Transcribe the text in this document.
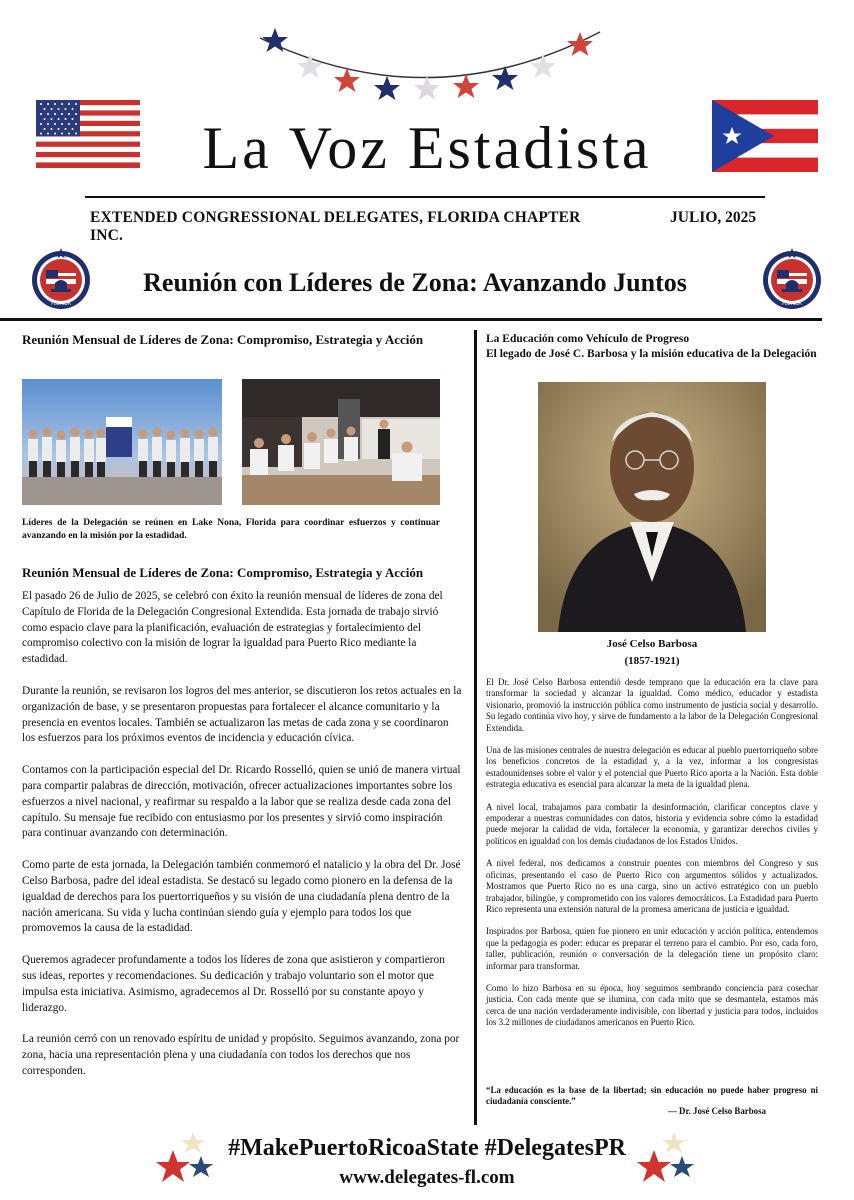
La Voz Estadista
EXTENDED CONGRESSIONAL DELEGATES, FLORIDA CHAPTER INC.
JULIO, 2025
FLORIDA	FLORIDA
Reunión con Líderes de Zona: Avanzando Juntos
Reunión Mensual de Líderes de Zona: Compromiso, Estrategia y Acción
Líderes de la Delegación se reúnen en Lake Nona, Florida para coordinar esfuerzos y continuar avanzando en la misión por la estadidad.
Reunión Mensual de Líderes de Zona: Compromiso, Estrategia y Acción

El pasado 26 de Julio de 2025, se celebró con éxito la reunión mensual de líderes de zona del Capítulo de Florida de la Delegación Congresional Extendida. Esta jornada de trabajo sirvió como espacio clave para la planificación, evaluación de estrategias y fortalecimiento del compromiso colectivo con la misión de lograr la igualdad para Puerto Rico mediante la estadidad.

Durante la reunión, se revisaron los logros del mes anterior, se discutieron los retos actuales en la organización de base, y se presentaron propuestas para fortalecer el alcance comunitario y la presencia en eventos locales. También se actualizaron las metas de cada zona y se coordinaron los esfuerzos para los próximos eventos de incidencia y educación cívica.

Contamos con la participación especial del Dr. Ricardo Rosselló, quien se unió de manera virtual para compartir palabras de dirección, motivación, ofrecer actualizaciones importantes sobre los esfuerzos a nivel nacional, y reafirmar su respaldo a la labor que se realiza desde cada zona del capítulo. Su mensaje fue recibido con entusiasmo por los presentes y sirvió como inspiración para continuar avanzando con determinación.

Como parte de esta jornada, la Delegación también conmemoró el natalicio y la obra del Dr. José Celso Barbosa, padre del ideal estadista. Se destacó su legado como pionero en la defensa de la igualdad de derechos para los puertorriqueños y su visión de una ciudadanía plena dentro de la nación americana. Su vida y lucha continúan siendo guía y ejemplo para todos los que promovemos la causa de la estadidad.

Queremos agradecer profundamente a todos los líderes de zona que asistieron y compartieron sus ideas, reportes y recomendaciones. Su dedicación y trabajo voluntario son el motor que impulsa esta iniciativa. Asimismo, agradecemos al Dr. Rosselló por su constante apoyo y liderazgo.

La reunión cerró con un renovado espíritu de unidad y propósito. Seguimos avanzando, zona por zona, hacia una representación plena y una ciudadanía con todos los derechos que nos corresponden.

La Educación como Vehículo de Progreso
El legado de José C. Barbosa y la misión educativa de la Delegación
José Celso Barbosa
(1857-1921)

El Dr. José Celso Barbosa entendió desde temprano que la educación era la clave para transformar la sociedad y alcanzar la igualdad. Como médico, educador y estadista visionario, promovió la instrucción pública como instrumento de justicia social y desarrollo. Su legado continúa vivo hoy, y sirve de fundamento a la labor de la Delegación Congresional Extendida.

Una de las misiones centrales de nuestra delegación es educar al pueblo puertorriqueño sobre los beneficios concretos de la estadidad y, a la vez, informar a los congresistas estadounidenses sobre el valor y el potencial que Puerto Rico aporta a la Nación. Esta doble estrategia educativa es esencial para alcanzar la meta de la igualdad plena.

A nivel local, trabajamos para combatir la desinformación, clarificar conceptos clave y empoderar a nuestras comunidades con datos, historia y evidencia sobre cómo la estadidad puede mejorar la calidad de vida, fortalecer la economía, y garantizar derechos civiles y políticos en igualdad con los demás ciudadanos de los Estados Unidos.

A nivel federal, nos dedicamos a construir puentes con miembros del Congreso y sus oficinas, presentando el caso de Puerto Rico con argumentos sólidos y actualizados. Mostramos que Puerto Rico no es una carga, sino un activo estratégico con un pueblo trabajador, bilingüe, y comprometido con los valores democráticos. La Estadidad para Puerto Rico representa una extensión natural de la promesa americana de justicia e igualdad.

Inspirados por Barbosa, quien fue pionero en unir educación y acción política, entendemos que la pedagogía es poder: educar es preparar el terreno para el cambio. Por eso, cada foro, taller, publicación, reunión o conversación de la delegación tiene un propósito claro: informar para transformar.

Como lo hizo Barbosa en su época, hoy seguimos sembrando conciencia para cosechar justicia. Con cada mente que se ilumina, con cada mito que se desmantela, estamos más cerca de una nación verdaderamente indivisible, con libertad y justicia para todos, incluidos los 3.2 millones de ciudadanos americanos en Puerto Rico.

“La educación es la base de la libertad; sin educación no puede haber progreso ni ciudadanía consciente.”
— Dr. José Celso Barbosa
#MakePuertoRicoaState #DelegatesPR
www.delegates-fl.com
